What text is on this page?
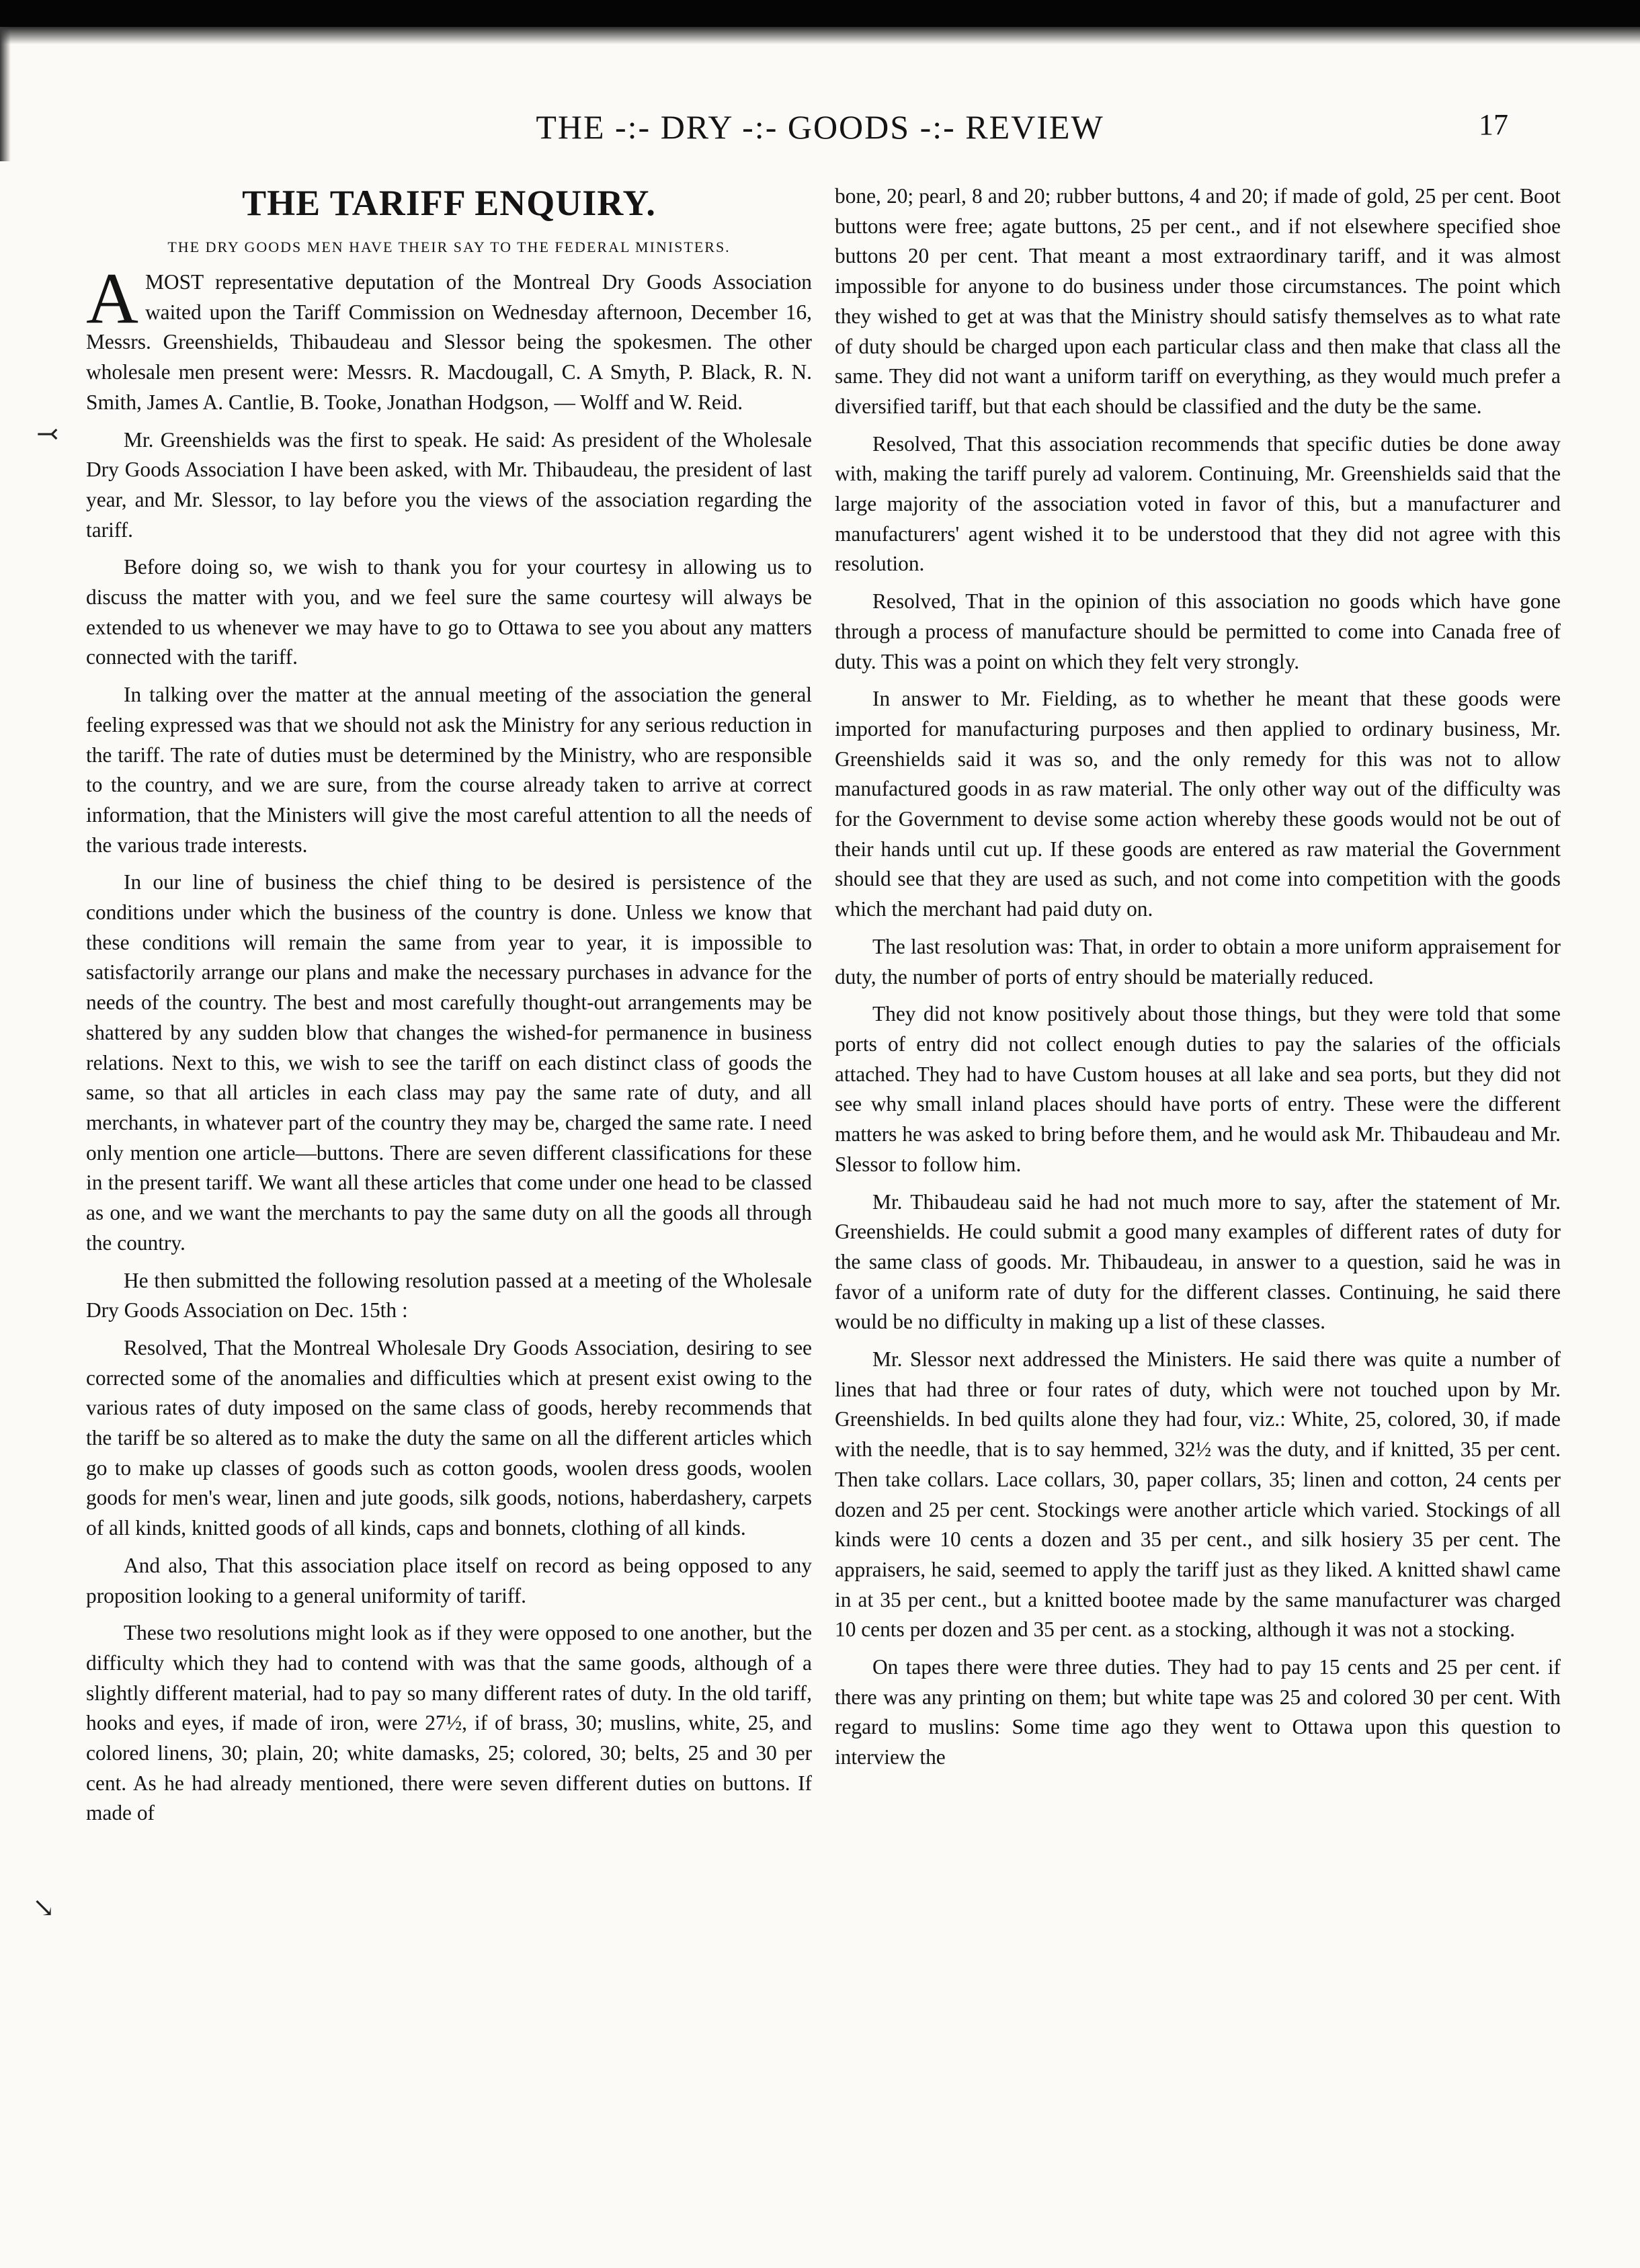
⤙
↘
THE -:- DRY -:- GOODS -:- REVIEW	17
THE TARIFF ENQUIRY.
THE DRY GOODS MEN HAVE THEIR SAY TO THE FEDERAL MINISTERS.

AMOST representative deputation of the Montreal Dry Goods Association waited upon the Tariff Commission on Wednesday afternoon, December 16, Messrs. Greenshields, Thibaudeau and Slessor being the spokesmen. The other wholesale men present were: Messrs. R. Macdougall, C. A Smyth, P. Black, R. N. Smith, James A. Cantlie, B. Tooke, Jonathan Hodgson, — Wolff and W. Reid.

Mr. Greenshields was the first to speak. He said: As president of the Wholesale Dry Goods Association I have been asked, with Mr. Thibaudeau, the president of last year, and Mr. Slessor, to lay before you the views of the association regarding the tariff.

Before doing so, we wish to thank you for your courtesy in allowing us to discuss the matter with you, and we feel sure the same courtesy will always be extended to us whenever we may have to go to Ottawa to see you about any matters connected with the tariff.

In talking over the matter at the annual meeting of the association the general feeling expressed was that we should not ask the Ministry for any serious reduction in the tariff. The rate of duties must be determined by the Ministry, who are responsible to the country, and we are sure, from the course already taken to arrive at correct information, that the Ministers will give the most careful attention to all the needs of the various trade interests.

In our line of business the chief thing to be desired is persistence of the conditions under which the business of the country is done. Unless we know that these conditions will remain the same from year to year, it is impossible to satisfactorily arrange our plans and make the necessary purchases in advance for the needs of the country. The best and most carefully thought-out arrangements may be shattered by any sudden blow that changes the wished-for permanence in business relations. Next to this, we wish to see the tariff on each distinct class of goods the same, so that all articles in each class may pay the same rate of duty, and all merchants, in whatever part of the country they may be, charged the same rate. I need only mention one article—buttons. There are seven different classifications for these in the present tariff. We want all these articles that come under one head to be classed as one, and we want the merchants to pay the same duty on all the goods all through the country.

He then submitted the following resolution passed at a meeting of the Wholesale Dry Goods Association on Dec. 15th :

Resolved, That the Montreal Wholesale Dry Goods Association, desiring to see corrected some of the anomalies and difficulties which at present exist owing to the various rates of duty imposed on the same class of goods, hereby recommends that the tariff be so altered as to make the duty the same on all the different articles which go to make up classes of goods such as cotton goods, woolen dress goods, woolen goods for men's wear, linen and jute goods, silk goods, notions, haberdashery, carpets of all kinds, knitted goods of all kinds, caps and bonnets, clothing of all kinds.

And also, That this association place itself on record as being opposed to any proposition looking to a general uniformity of tariff.

These two resolutions might look as if they were opposed to one another, but the difficulty which they had to contend with was that the same goods, although of a slightly different material, had to pay so many different rates of duty. In the old tariff, hooks and eyes, if made of iron, were 27½, if of brass, 30; muslins, white, 25, and colored linens, 30; plain, 20; white damasks, 25; colored, 30; belts, 25 and 30 per cent. As he had already mentioned, there were seven different duties on buttons. If made of

bone, 20; pearl, 8 and 20; rubber buttons, 4 and 20; if made of gold, 25 per cent. Boot buttons were free; agate buttons, 25 per cent., and if not elsewhere specified shoe buttons 20 per cent. That meant a most extraordinary tariff, and it was almost impossible for anyone to do business under those circumstances. The point which they wished to get at was that the Ministry should satisfy themselves as to what rate of duty should be charged upon each particular class and then make that class all the same. They did not want a uniform tariff on everything, as they would much prefer a diversified tariff, but that each should be classified and the duty be the same.

Resolved, That this association recommends that specific duties be done away with, making the tariff purely ad valorem. Continuing, Mr. Greenshields said that the large majority of the association voted in favor of this, but a manufacturer and manufacturers' agent wished it to be understood that they did not agree with this resolution.

Resolved, That in the opinion of this association no goods which have gone through a process of manufacture should be permitted to come into Canada free of duty. This was a point on which they felt very strongly.

In answer to Mr. Fielding, as to whether he meant that these goods were imported for manufacturing purposes and then applied to ordinary business, Mr. Greenshields said it was so, and the only remedy for this was not to allow manufactured goods in as raw material. The only other way out of the difficulty was for the Government to devise some action whereby these goods would not be out of their hands until cut up. If these goods are entered as raw material the Government should see that they are used as such, and not come into competition with the goods which the merchant had paid duty on.

The last resolution was: That, in order to obtain a more uniform appraisement for duty, the number of ports of entry should be materially reduced.

They did not know positively about those things, but they were told that some ports of entry did not collect enough duties to pay the salaries of the officials attached. They had to have Custom houses at all lake and sea ports, but they did not see why small inland places should have ports of entry. These were the different matters he was asked to bring before them, and he would ask Mr. Thibaudeau and Mr. Slessor to follow him.

Mr. Thibaudeau said he had not much more to say, after the statement of Mr. Greenshields. He could submit a good many examples of different rates of duty for the same class of goods. Mr. Thibaudeau, in answer to a question, said he was in favor of a uniform rate of duty for the different classes. Continuing, he said there would be no difficulty in making up a list of these classes.

Mr. Slessor next addressed the Ministers. He said there was quite a number of lines that had three or four rates of duty, which were not touched upon by Mr. Greenshields. In bed quilts alone they had four, viz.: White, 25, colored, 30, if made with the needle, that is to say hemmed, 32½ was the duty, and if knitted, 35 per cent. Then take collars. Lace collars, 30, paper collars, 35; linen and cotton, 24 cents per dozen and 25 per cent. Stockings were another article which varied. Stockings of all kinds were 10 cents a dozen and 35 per cent., and silk hosiery 35 per cent. The appraisers, he said, seemed to apply the tariff just as they liked. A knitted shawl came in at 35 per cent., but a knitted bootee made by the same manufacturer was charged 10 cents per dozen and 35 per cent. as a stocking, although it was not a stocking.

On tapes there were three duties. They had to pay 15 cents and 25 per cent. if there was any printing on them; but white tape was 25 and colored 30 per cent. With regard to muslins: Some time ago they went to Ottawa upon this question to interview the
